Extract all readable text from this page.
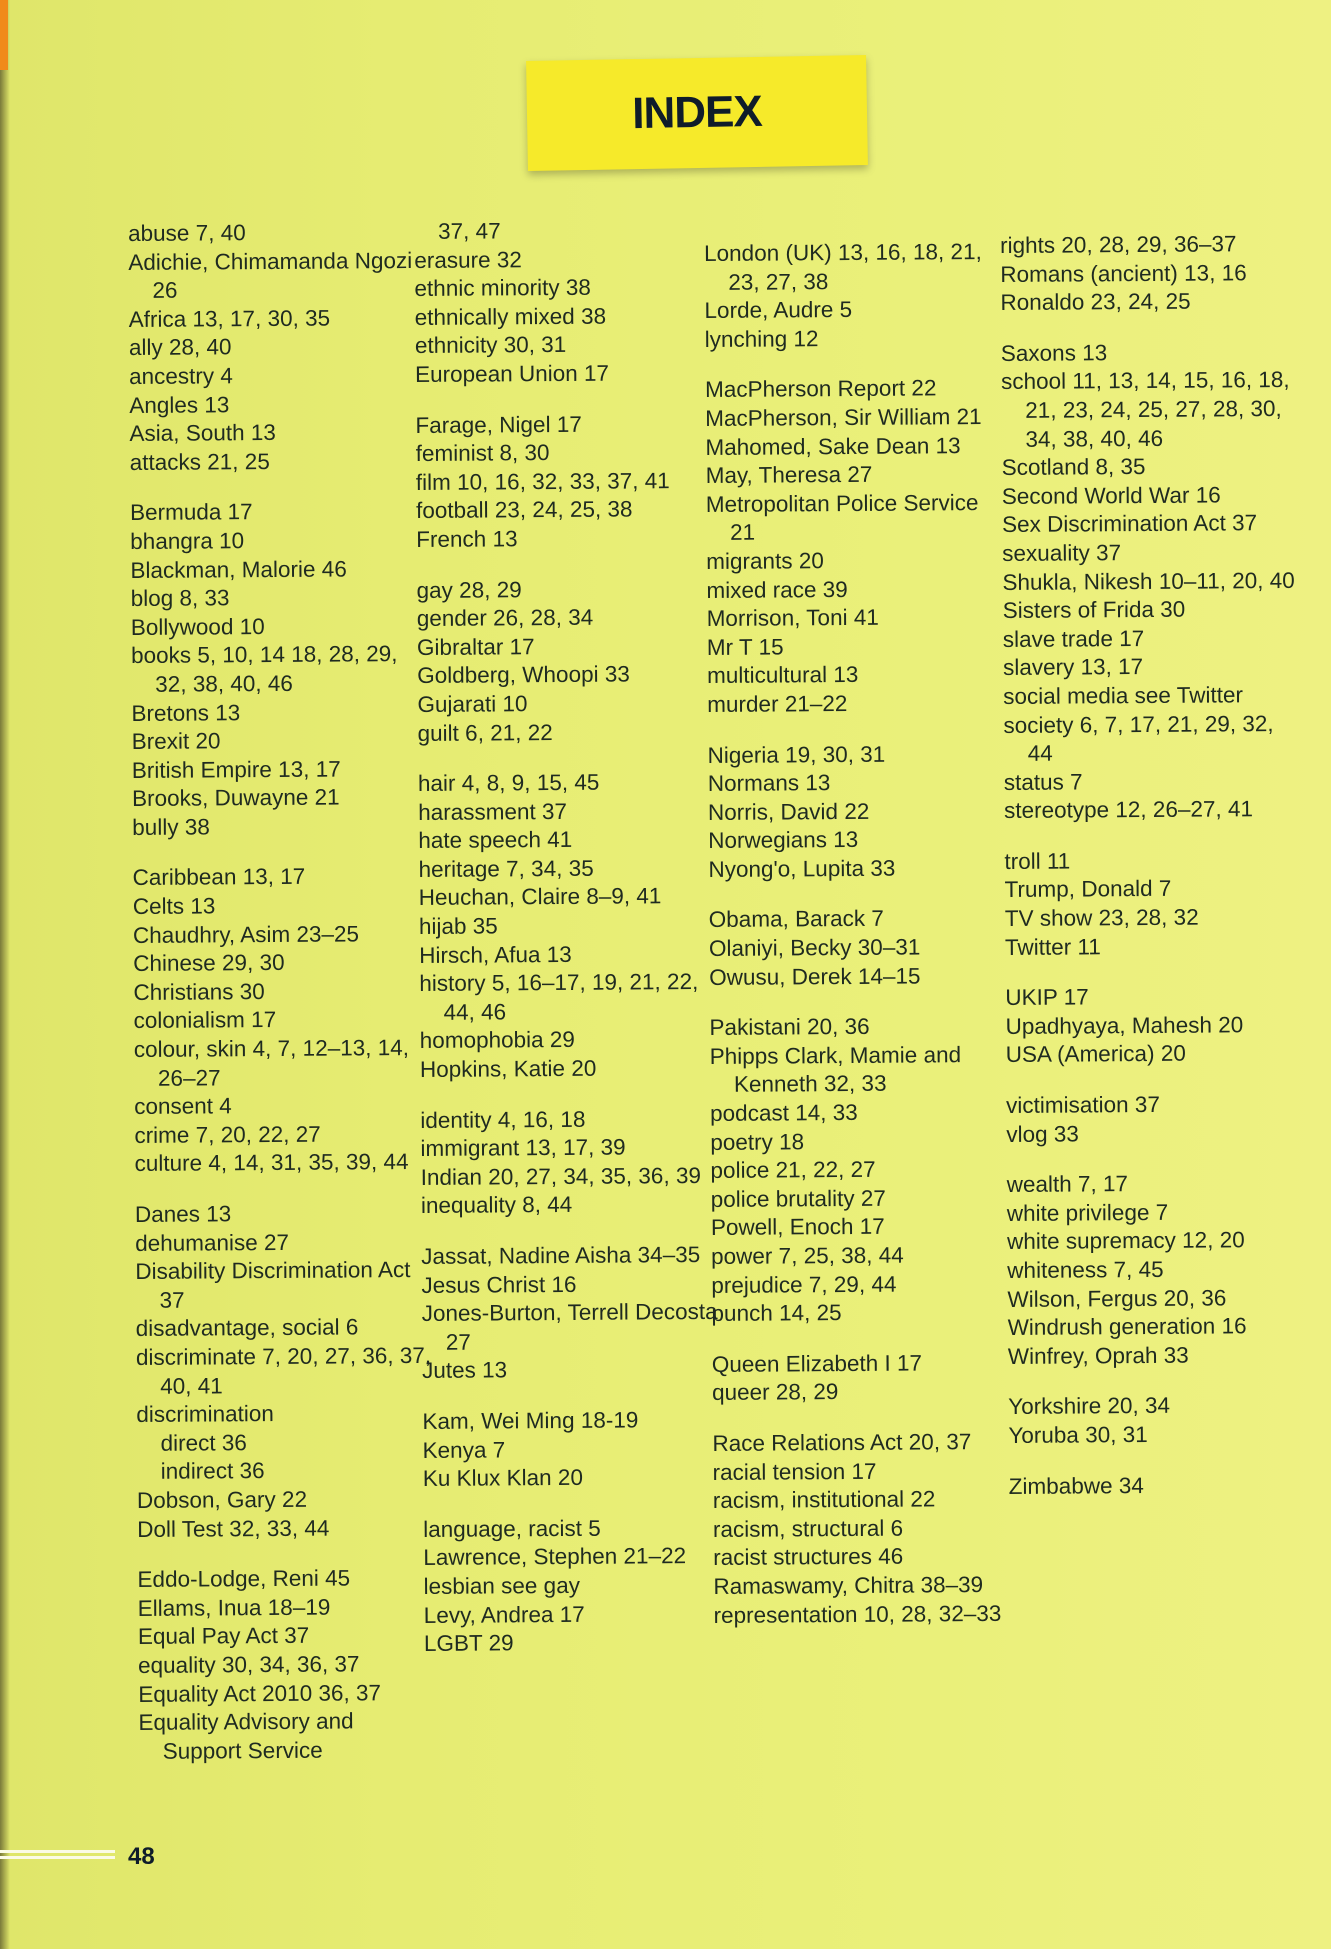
INDEX

abuse 7, 40

Adichie, Chimamanda Ngozi 26

Africa 13, 17, 30, 35

ally 28, 40

ancestry 4

Angles 13

Asia, South 13

attacks 21, 25

Bermuda 17

bhangra 10

Blackman, Malorie 46

blog 8, 33

Bollywood 10

books 5, 10, 14 18, 28, 29, 32, 38, 40, 46

Bretons 13

Brexit 20

British Empire 13, 17

Brooks, Duwayne 21

bully 38

Caribbean 13, 17

Celts 13

Chaudhry, Asim 23–25

Chinese 29, 30

Christians 30

colonialism 17

colour, skin 4, 7, 12–13, 14, 26–27

consent 4

crime 7, 20, 22, 27

culture 4, 14, 31, 35, 39, 44

Danes 13

dehumanise 27

Disability Discrimination Act 37

disadvantage, social 6

discriminate 7, 20, 27, 36, 37, 40, 41

discrimination

direct 36

indirect 36

Dobson, Gary 22

Doll Test 32, 33, 44

Eddo-Lodge, Reni 45

Ellams, Inua 18–19

Equal Pay Act 37

equality 30, 34, 36, 37

Equality Act 2010 36, 37

Equality Advisory and Support Service

37, 47

erasure 32

ethnic minority 38

ethnically mixed 38

ethnicity 30, 31

European Union 17

Farage, Nigel 17

feminist 8, 30

film 10, 16, 32, 33, 37, 41

football 23, 24, 25, 38

French 13

gay 28, 29

gender 26, 28, 34

Gibraltar 17

Goldberg, Whoopi 33

Gujarati 10

guilt 6, 21, 22

hair 4, 8, 9, 15, 45

harassment 37

hate speech 41

heritage 7, 34, 35

Heuchan, Claire 8–9, 41

hijab 35

Hirsch, Afua 13

history 5, 16–17, 19, 21, 22, 44, 46

homophobia 29

Hopkins, Katie 20

identity 4, 16, 18

immigrant 13, 17, 39

Indian 20, 27, 34, 35, 36, 39

inequality 8, 44

Jassat, Nadine Aisha 34–35

Jesus Christ 16

Jones-Burton, Terrell Decosta 27

Jutes 13

Kam, Wei Ming 18-19

Kenya 7

Ku Klux Klan 20

language, racist 5

Lawrence, Stephen 21–22

lesbian see gay

Levy, Andrea 17

LGBT 29

London (UK) 13, 16, 18, 21, 23, 27, 38

Lorde, Audre 5

lynching 12

MacPherson Report 22

MacPherson, Sir William 21

Mahomed, Sake Dean 13

May, Theresa 27

Metropolitan Police Service 21

migrants 20

mixed race 39

Morrison, Toni 41

Mr T 15

multicultural 13

murder 21–22

Nigeria 19, 30, 31

Normans 13

Norris, David 22

Norwegians 13

Nyong'o, Lupita 33

Obama, Barack 7

Olaniyi, Becky 30–31

Owusu, Derek 14–15

Pakistani 20, 36

Phipps Clark, Mamie and Kenneth 32, 33

podcast 14, 33

poetry 18

police 21, 22, 27

police brutality 27

Powell, Enoch 17

power 7, 25, 38, 44

prejudice 7, 29, 44

punch 14, 25

Queen Elizabeth I 17

queer 28, 29

Race Relations Act 20, 37

racial tension 17

racism, institutional 22

racism, structural 6

racist structures 46

Ramaswamy, Chitra 38–39

representation 10, 28, 32–33

rights 20, 28, 29, 36–37

Romans (ancient) 13, 16

Ronaldo 23, 24, 25

Saxons 13

school 11, 13, 14, 15, 16, 18, 21, 23, 24, 25, 27, 28, 30, 34, 38, 40, 46

Scotland 8, 35

Second World War 16

Sex Discrimination Act 37

sexuality 37

Shukla, Nikesh 10–11, 20, 40

Sisters of Frida 30

slave trade 17

slavery 13, 17

social media see Twitter

society 6, 7, 17, 21, 29, 32, 44

status 7

stereotype 12, 26–27, 41

troll 11

Trump, Donald 7

TV show 23, 28, 32

Twitter 11

UKIP 17

Upadhyaya, Mahesh 20

USA (America) 20

victimisation 37

vlog 33

wealth 7, 17

white privilege 7

white supremacy 12, 20

whiteness 7, 45

Wilson, Fergus 20, 36

Windrush generation 16

Winfrey, Oprah 33

Yorkshire 20, 34

Yoruba 30, 31

Zimbabwe 34

48
